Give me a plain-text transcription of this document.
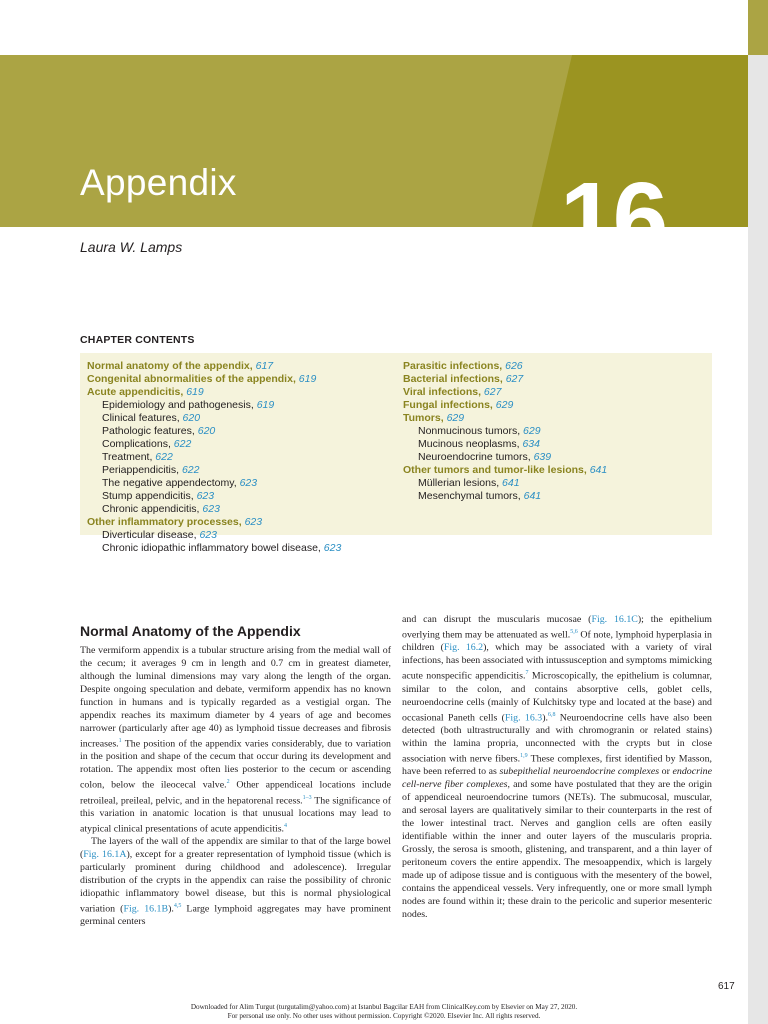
Appendix	16
Laura W. Lamps
CHAPTER CONTENTS
Normal anatomy of the appendix, 617
Congenital abnormalities of the appendix, 619
Acute appendicitis, 619
Epidemiology and pathogenesis, 619
Clinical features, 620
Pathologic features, 620
Complications, 622
Treatment, 622
Periappendicitis, 622
The negative appendectomy, 623
Stump appendicitis, 623
Chronic appendicitis, 623
Other inflammatory processes, 623
Diverticular disease, 623
Chronic idiopathic inflammatory bowel disease, 623
Parasitic infections, 626
Bacterial infections, 627
Viral infections, 627
Fungal infections, 629
Tumors, 629
Nonmucinous tumors, 629
Mucinous neoplasms, 634
Neuroendocrine tumors, 639
Other tumors and tumor-like lesions, 641
Müllerian lesions, 641
Mesenchymal tumors, 641
Normal Anatomy of the Appendix

The vermiform appendix is a tubular structure arising from the medial wall of the cecum; it averages 9 cm in length and 0.7 cm in greatest diameter, although the luminal dimensions may vary along the length of the organ. Despite ongoing speculation and debate, vermiform appendix has no known function in humans and is typically regarded as a vestigial organ. The appendix reaches its maximum diameter by 4 years of age and becomes narrower (particularly after age 40) as lymphoid tissue decreases and fibrosis increases.$^1$ The position of the appendix varies considerably, due to variation in the position and shape of the cecum that occur during its development and rotation. The appendix most often lies posterior to the cecum or ascending colon, below the ileocecal valve.$^2$ Other appendiceal locations include retroileal, preileal, pelvic, and in the hepatorenal recess.$^{1-3}$ The significance of this variation in anatomic location is that unusual locations may lead to atypical clinical presentations of acute appendicitis.$^4$

The layers of the wall of the appendix are similar to that of the large bowel (Fig. 16.1A), except for a greater representation of lymphoid tissue (which is particularly prominent during childhood and adolescence). Irregular distribution of the crypts in the appendix can raise the possibility of chronic idiopathic inflammatory bowel disease, but this is normal physiological variation (Fig. 16.1B).$^{4,5}$ Large lymphoid aggregates may have prominent germinal centers

and can disrupt the muscularis mucosae (Fig. 16.1C); the epithelium overlying them may be attenuated as well.$^{5,6}$ Of note, lymphoid hyperplasia in children (Fig. 16.2), which may be associated with a variety of viral infections, has been associated with intussusception and symptoms mimicking acute nonspecific appendicitis.$^7$ Microscopically, the epithelium is columnar, similar to the colon, and contains absorptive cells, goblet cells, neuroendocrine cells (mainly of Kulchitsky type and located at the base) and occasional Paneth cells (Fig. 16.3).$^{6,8}$ Neuroendocrine cells have also been detected (both ultrastructurally and with chromogranin or related stains) within the lamina propria, unconnected with the crypts but in close association with nerve fibers.$^{1,9}$ These complexes, first identified by Masson, have been referred to as subepithelial neuroendocrine complexes or endocrine cell-nerve fiber complexes, and some have postulated that they are the origin of appendiceal neuroendocrine tumors (NETs). The submucosal, muscular, and serosal layers are qualitatively similar to their counterparts in the rest of the lower intestinal tract. Nerves and ganglion cells are often easily identifiable within the inner and outer layers of the muscularis propria. Grossly, the serosa is smooth, glistening, and transparent, and a thin layer of peritoneum covers the entire appendix. The mesoappendix, which is largely made up of adipose tissue and is contiguous with the mesentery of the bowel, contains the appendiceal vessels. Very infrequently, one or more small lymph nodes are found within it; these drain to the pericolic and superior mesenteric nodes.

617
Downloaded for Alim Turgut (turgutalim@yahoo.com) at Istanbul Bagcilar EAH from ClinicalKey.com by Elsevier on May 27, 2020.
For personal use only. No other uses without permission. Copyright ©2020. Elsevier Inc. All rights reserved.
